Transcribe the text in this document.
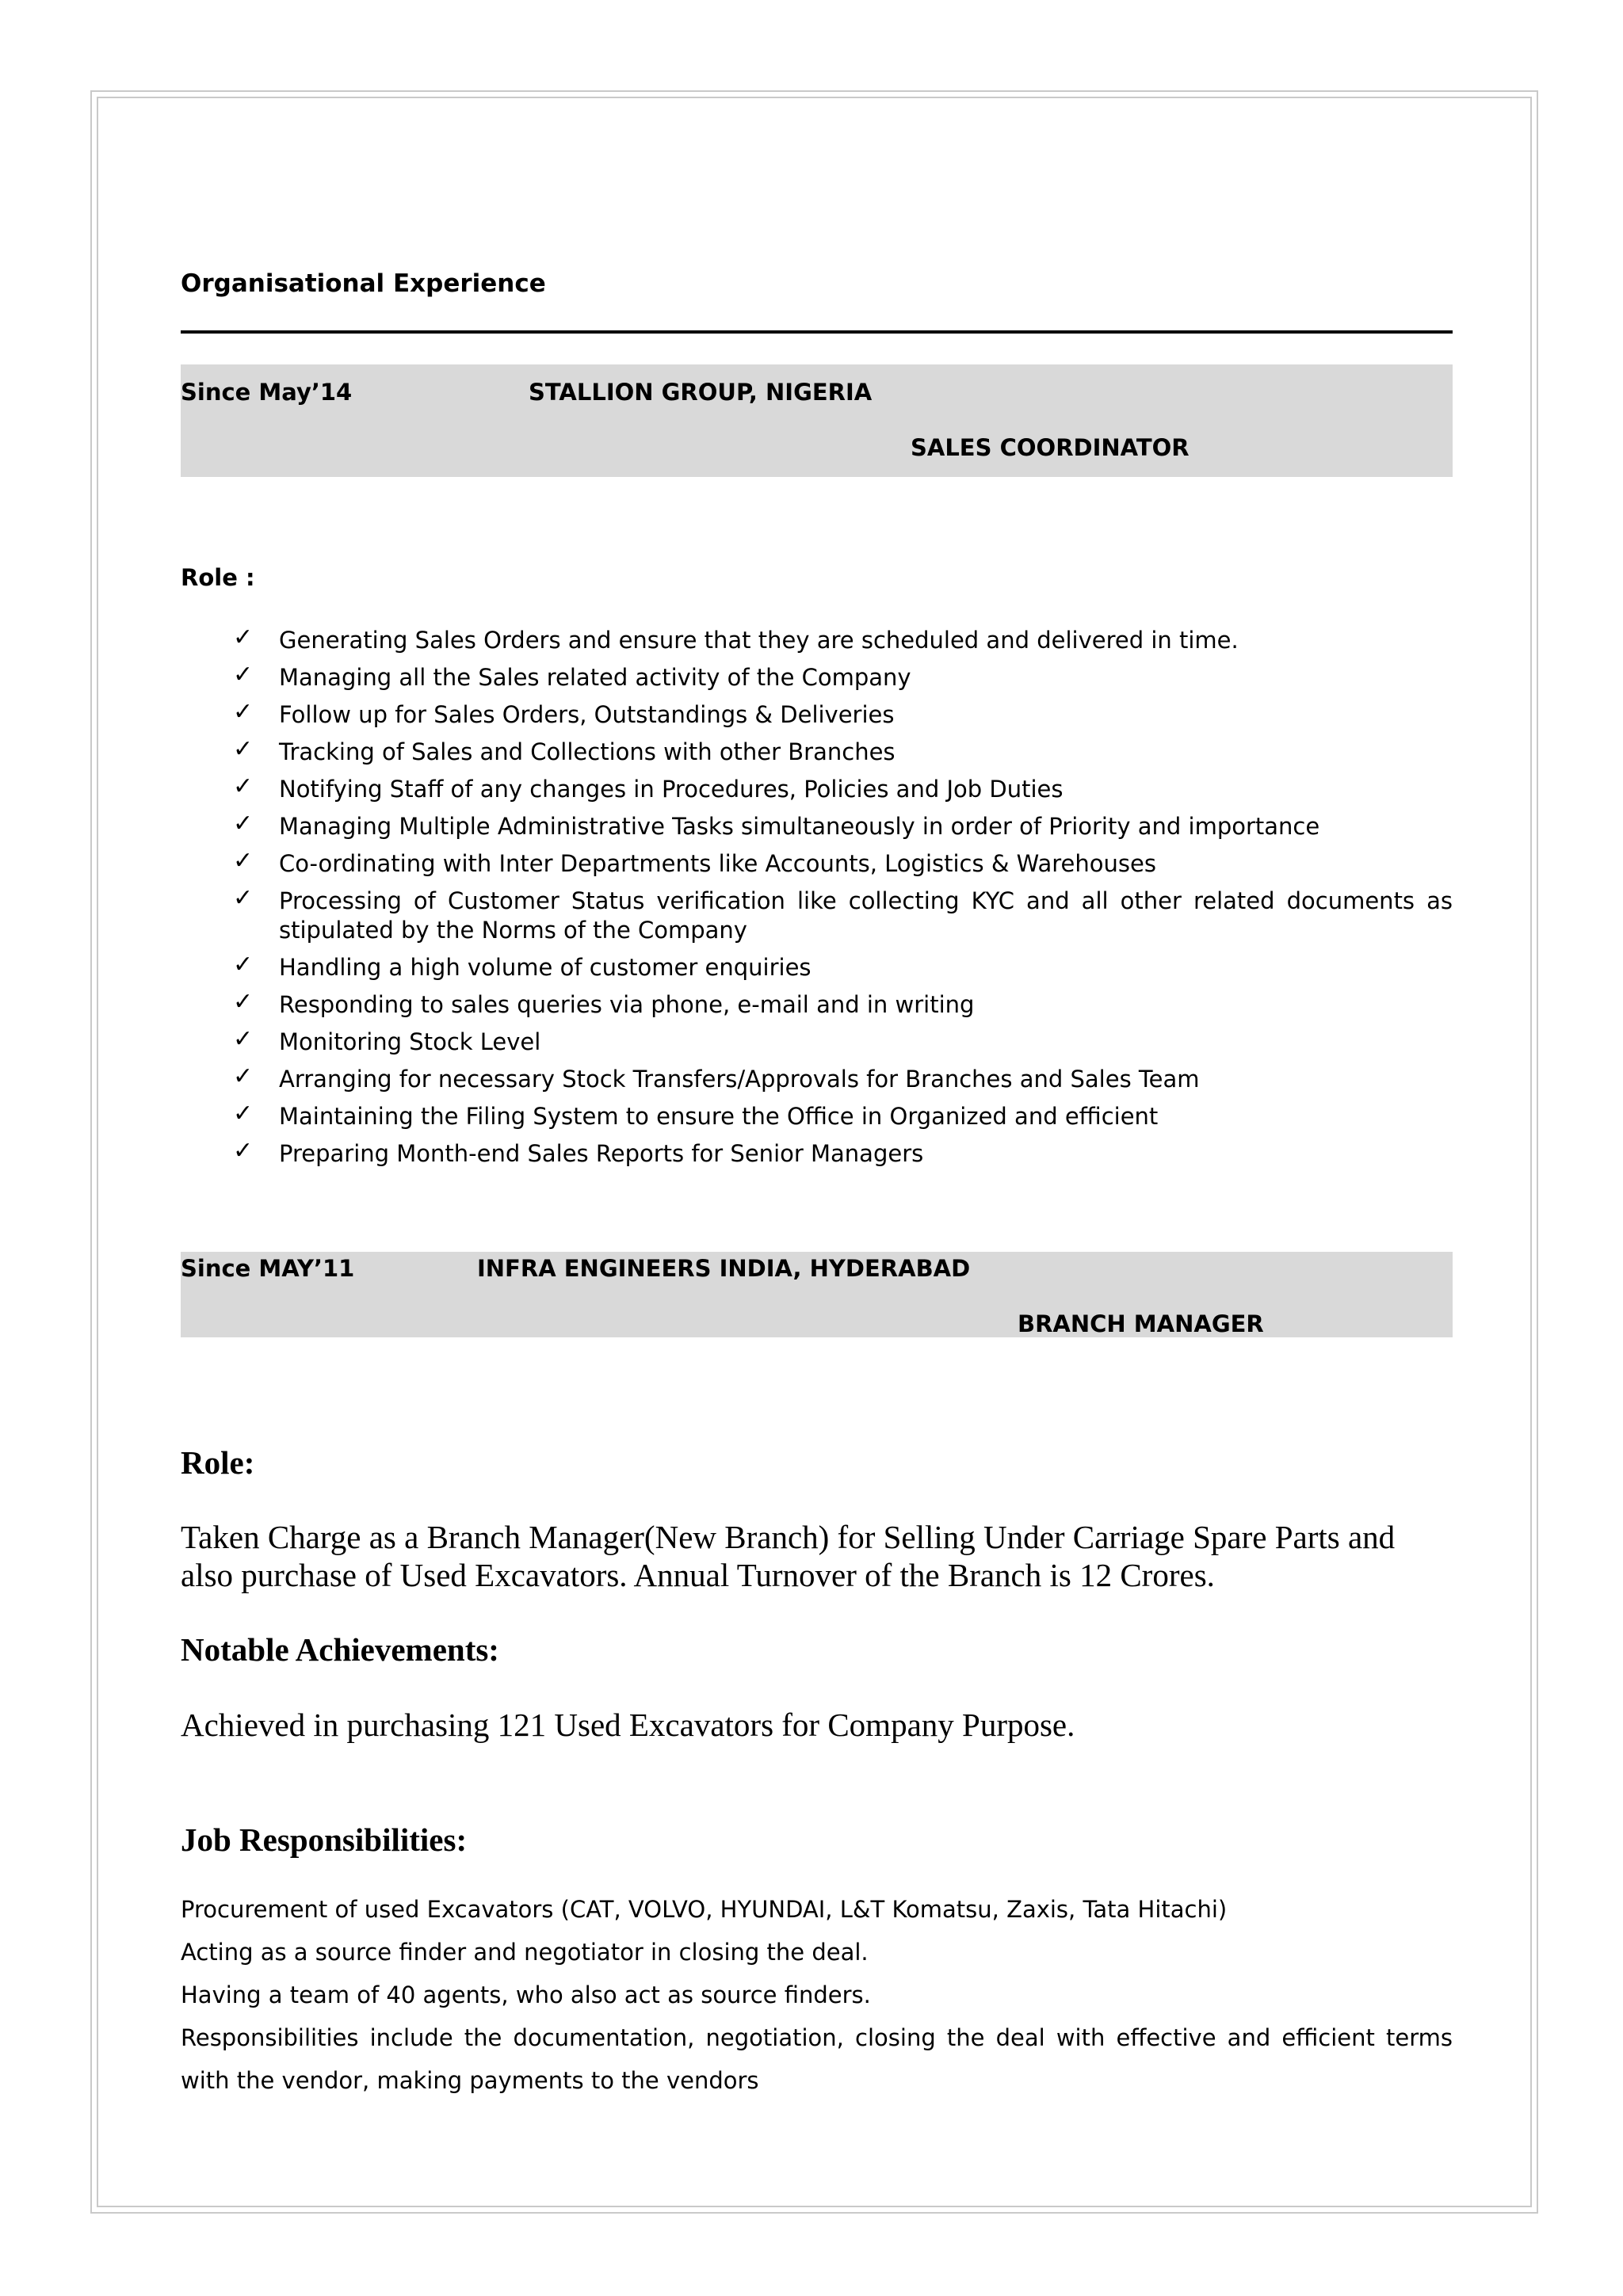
Organisational Experience
Since May’14	STALLION GROUP, NIGERIA
SALES COORDINATOR
Role :
✓ Generating Sales Orders and ensure that they are scheduled and delivered in time.
✓ Managing all the Sales related activity of the Company
✓ Follow up for Sales Orders, Outstandings & Deliveries
✓ Tracking of Sales and Collections with other Branches
✓ Notifying Staff of any changes in Procedures, Policies and Job Duties
✓ Managing Multiple Administrative Tasks simultaneously in order of Priority and importance
✓ Co-ordinating with Inter Departments like Accounts, Logistics & Warehouses
✓ Processing of Customer Status verification like collecting KYC and all other related documents as stipulated by the Norms of the Company
✓ Handling a high volume of customer enquiries
✓ Responding to sales queries via phone, e-mail and in writing
✓ Monitoring Stock Level
✓ Arranging for necessary Stock Transfers/Approvals for Branches and Sales Team
✓ Maintaining the Filing System to ensure the Office in Organized and efficient
✓ Preparing Month-end Sales Reports for Senior Managers
Since MAY’11	INFRA ENGINEERS INDIA, HYDERABAD
BRANCH MANAGER
Role:
Taken Charge as a Branch Manager(New Branch) for Selling Under Carriage Spare Parts and also purchase of Used Excavators. Annual Turnover of the Branch is 12 Crores.
Notable Achievements:
Achieved in purchasing 121 Used Excavators for Company Purpose.
Job Responsibilities:
Procurement of used Excavators (CAT, VOLVO, HYUNDAI, L&T Komatsu, Zaxis, Tata Hitachi)
Acting as a source finder and negotiator in closing the deal.
Having a team of 40 agents, who also act as source finders.
Responsibilities include the documentation, negotiation, closing the deal with effective and efficient terms with the vendor, making payments to the vendors
